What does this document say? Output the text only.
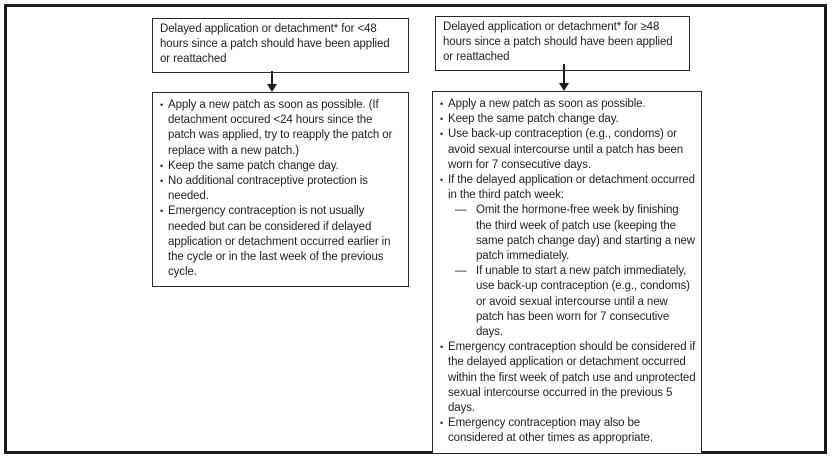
Delayed application or detachment* for <48 hours since a patch should have been applied or reattached
• Apply a new patch as soon as possible. (If detachment occured <24 hours since the patch was applied, try to reapply the patch or replace with a new patch.)
• Keep the same patch change day.
• No additional contraceptive protection is needed.
• Emergency contraception is not usually needed but can be considered if delayed application or detachment occurred earlier in the cycle or in the last week of the previous cycle.
Delayed application or detachment* for ≥48 hours since a patch should have been applied or reattached
• Apply a new patch as soon as possible.
• Keep the same patch change day.
• Use back-up contraception (e.g., condoms) or avoid sexual intercourse until a patch has been worn for 7 consecutive days.
• If the delayed application or detachment occurred in the third patch week:
— Omit the hormone-free week by finishing the third week of patch use (keeping the same patch change day) and starting a new patch immediately.
— If unable to start a new patch immediately, use back-up contraception (e.g., condoms) or avoid sexual intercourse until a new patch has been worn for 7 consecutive days.
• Emergency contraception should be considered if the delayed application or detachment occurred within the first week of patch use and unprotected sexual intercourse occurred in the previous 5 days.
• Emergency contraception may also be considered at other times as appropriate.
